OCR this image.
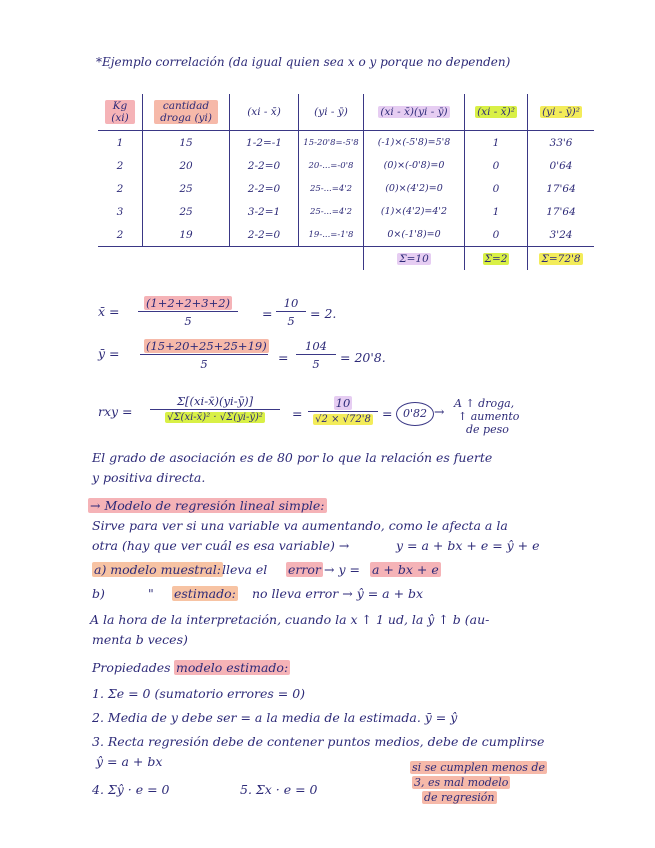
*Ejemplo correlación (da igual quien sea x o y porque no dependen)
Kg (xi)	cantidad droga (yi)	(xi - x̄)	(yi - ȳ)	(xi - x̄)(yi - ȳ)	(xi - x̄)²	(yi - ȳ)²
1	15	1-2=-1	15-20'8=-5'8	(-1)×(-5'8)=5'8	1	33'6
2	20	2-2=0	20-...=-0'8	(0)×(-0'8)=0	0	0'64
2	25	2-2=0	25-...=4'2	(0)×(4'2)=0	0	17'64
3	25	3-2=1	25-...=4'2	(1)×(4'2)=4'2	1	17'64
2	19	2-2=0	19-...=-1'8	0×(-1'8)=0	0	3'24
				Σ=10	Σ=2	Σ=72'8
x̄ = $\frac{(1+2+2+3+2)}{5} = \frac{10}{5} = 2$.
ȳ = $\frac{(15+20+25+25+19)}{5} = \frac{104}{5} = 20'8$.
rxy = $\frac{\Sigma[(xi-x̄)(yi-ȳ)]}{\text{√Σ(xi-x̄)² · √Σ(yi-ȳ)²}} = \frac{10}{√2 \times √72'8} = 0'82$ →
A ↑ droga,
↑ aumento
de peso
El grado de asociación es de 80 por lo que la relación es fuerte
y positiva directa.
→ Modelo de regresión lineal simple:
Sirve para ver si una variable va aumentando, como le afecta a la
otra (hay que ver cuál es esa variable) →	y = a + bx + e = ŷ + e
a) modelo muestral: lleva el error → y = a + bx + e
b)	" estimado: no lleva error → ŷ = a + bx
A la hora de la interpretación, cuando la x ↑ 1 ud, la ŷ ↑ b (au-
menta b veces)
Propiedades modelo estimado:
1. Σe = 0 (sumatorio errores = 0)
2. Media de y debe ser = a la media de la estimada. ȳ = ŷ
3. Recta regresión debe de contener puntos medios, debe de cumplirse
ŷ = a + bx
4. Σŷ · e = 0	5. Σx · e = 0
si se cumplen menos de
3, es mal modelo
de regresión
